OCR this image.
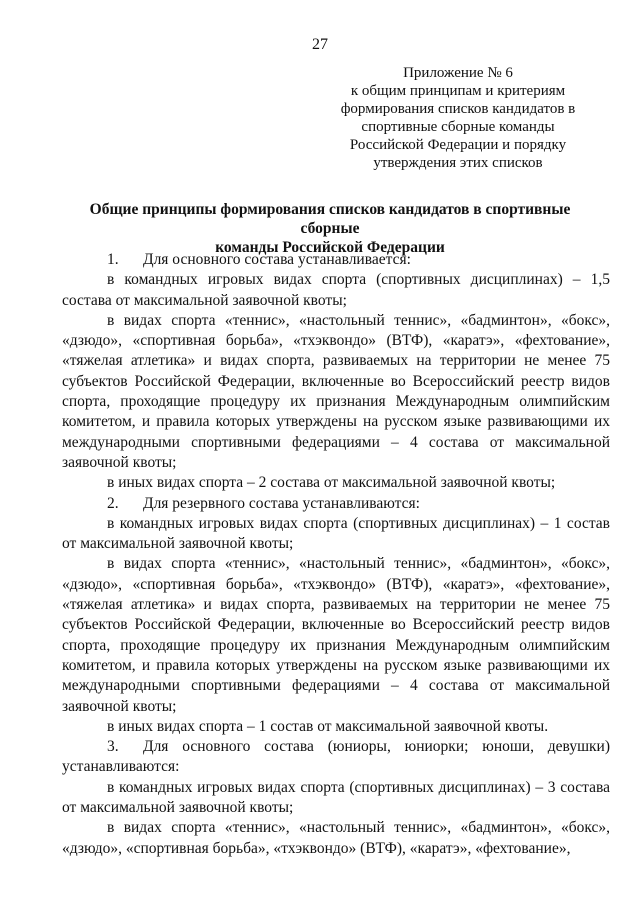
27
Приложение № 6
к общим принципам и критериям
формирования списков кандидатов в
спортивные сборные команды
Российской Федерации и порядку
утверждения этих списков
Общие принципы формирования списков кандидатов в спортивные сборные
команды Российской Федерации

1. Для основного состава устанавливается:

в командных игровых видах спорта (спортивных дисциплинах) – 1,5 состава от максимальной заявочной квоты;

в видах спорта «теннис», «настольный теннис», «бадминтон», «бокс», «дзюдо», «спортивная борьба», «тхэквондо» (ВТФ), «каратэ», «фехтование», «тяжелая атлетика» и видах спорта, развиваемых на территории не менее 75 субъектов Российской Федерации, включенные во Всероссийский реестр видов спорта, проходящие процедуру их признания Международным олимпийским комитетом, и правила которых утверждены на русском языке развивающими их международными спортивными федерациями – 4 состава от максимальной заявочной квоты;

в иных видах спорта – 2 состава от максимальной заявочной квоты;

2. Для резервного состава устанавливаются:

в командных игровых видах спорта (спортивных дисциплинах) – 1 состав от максимальной заявочной квоты;

в видах спорта «теннис», «настольный теннис», «бадминтон», «бокс», «дзюдо», «спортивная борьба», «тхэквондо» (ВТФ), «каратэ», «фехтование», «тяжелая атлетика» и видах спорта, развиваемых на территории не менее 75 субъектов Российской Федерации, включенные во Всероссийский реестр видов спорта, проходящие процедуру их признания Международным олимпийским комитетом, и правила которых утверждены на русском языке развивающими их международными спортивными федерациями – 4 состава от максимальной заявочной квоты;

в иных видах спорта – 1 состав от максимальной заявочной квоты.

3. Для основного состава (юниоры, юниорки; юноши, девушки) устанавливаются:

в командных игровых видах спорта (спортивных дисциплинах) – 3 состава от максимальной заявочной квоты;

в видах спорта «теннис», «настольный теннис», «бадминтон», «бокс», «дзюдо», «спортивная борьба», «тхэквондо» (ВТФ), «каратэ», «фехтование»,
